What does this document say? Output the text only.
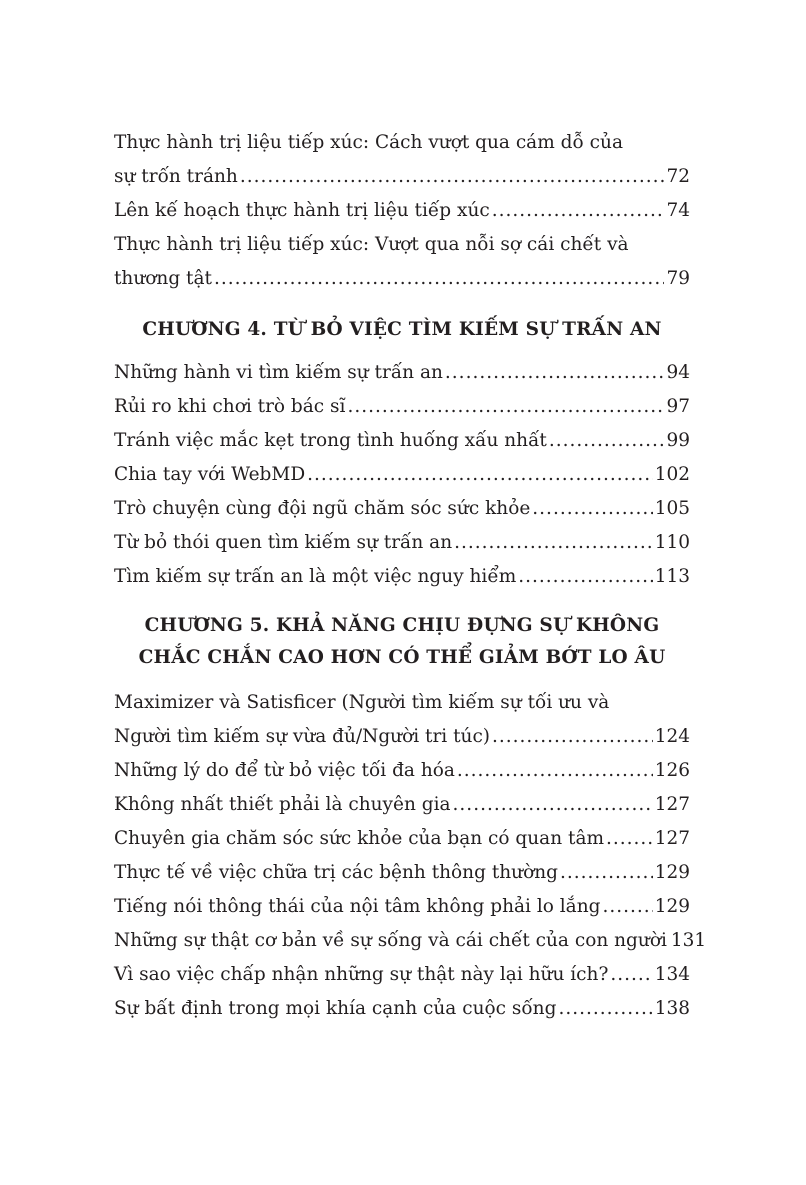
Thực hành trị liệu tiếp xúc: Cách vượt qua cám dỗ của
sự trốn tránh .....	72
Lên kế hoạch thực hành trị liệu tiếp xúc .....	74
Thực hành trị liệu tiếp xúc: Vượt qua nỗi sợ cái chết và
thương tật .....	79
CHƯƠNG 4. TỪ BỎ VIỆC TÌM KIẾM SỰ TRẤN AN
Những hành vi tìm kiếm sự trấn an .....	94
Rủi ro khi chơi trò bác sĩ .....	97
Tránh việc mắc kẹt trong tình huống xấu nhất .....	99
Chia tay với WebMD .....	102
Trò chuyện cùng đội ngũ chăm sóc sức khỏe .....	105
Từ bỏ thói quen tìm kiếm sự trấn an .....	110
Tìm kiếm sự trấn an là một việc nguy hiểm .....	113
CHƯƠNG 5. KHẢ NĂNG CHỊU ĐỰNG SỰ KHÔNG
CHẮC CHẮN CAO HƠN CÓ THỂ GIẢM BỚT LO ÂU
Maximizer và Satisficer (Người tìm kiếm sự tối ưu và
Người tìm kiếm sự vừa đủ/Người tri túc) .....	124
Những lý do để từ bỏ việc tối đa hóa .....	126
Không nhất thiết phải là chuyên gia .....	127
Chuyên gia chăm sóc sức khỏe của bạn có quan tâm .....	127
Thực tế về việc chữa trị các bệnh thông thường .....	129
Tiếng nói thông thái của nội tâm không phải lo lắng .....	129
Những sự thật cơ bản về sự sống và cái chết của con người 131
Vì sao việc chấp nhận những sự thật này lại hữu ích? .....	134
Sự bất định trong mọi khía cạnh của cuộc sống .....	138
